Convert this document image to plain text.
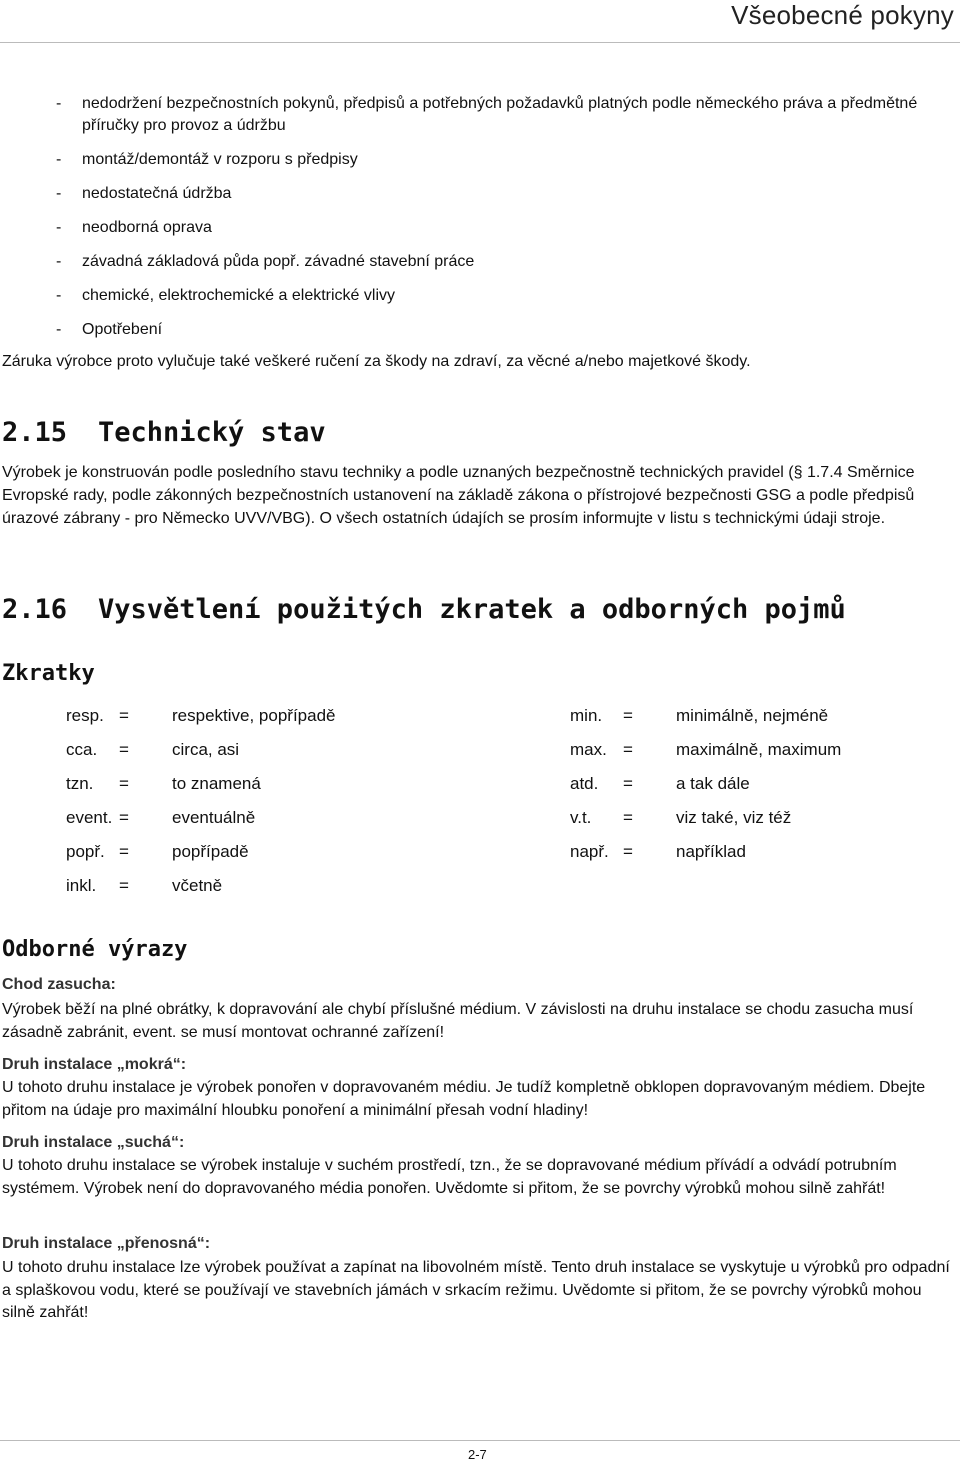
Všeobecné pokyny
- nedodržení bezpečnostních pokynů, předpisů a potřebných požadavků platných podle německého práva a předmětné příručky pro provoz a údržbu
- montáž/demontáž v rozporu s předpisy
- nedostatečná údržba
- neodborná oprava
- závadná základová půda popř. závadné stavební práce
- chemické, elektrochemické a elektrické vlivy
- Opotřebení
Záruka výrobce proto vylučuje také veškeré ručení za škody na zdraví, za věcné a/nebo majetkové škody.
2.15 Technický stav
Výrobek je konstruován podle posledního stavu techniky a podle uznaných bezpečnostně technických pravidel (§ 1.7.4 Směrnice Evropské rady, podle zákonných bezpečnostních ustanovení na základě zákona o přístrojové bezpečnosti GSG a podle předpisů úrazové zábrany - pro Německo UVV/VBG). O všech ostatních údajích se prosím informujte v listu s technickými údaji stroje.
2.16 Vysvětlení použitých zkratek a odborných pojmů
Zkratky
resp. =	respektive, popřípadě	min. =	minimálně, nejméně
cca. =	circa, asi	max. =	maximálně, maximum
tzn. =	to znamená	atd. =	a tak dále
event. =	eventuálně	v.t. =	viz také, viz též
popř. =	popřípadě	např. =	například
inkl. =	včetně
Odborné výrazy
Chod zasucha:
Výrobek běží na plné obrátky, k dopravování ale chybí příslušné médium. V závislosti na druhu instalace se chodu zasucha musí zásadně zabránit, event. se musí montovat ochranné zařízení!
Druh instalace „mokrá“:
U tohoto druhu instalace je výrobek ponořen v dopravovaném médiu. Je tudíž kompletně obklopen dopravovaným médiem. Dbejte přitom na údaje pro maximální hloubku ponoření a minimální přesah vodní hladiny!
Druh instalace „suchá“:
U tohoto druhu instalace se výrobek instaluje v suchém prostředí, tzn., že se dopravované médium přívádí a odvádí potrubním systémem. Výrobek není do dopravovaného média ponořen. Uvědomte si přitom, že se povrchy výrobků mohou silně zahřát!
Druh instalace „přenosná“:
U tohoto druhu instalace lze výrobek používat a zapínat na libovolném místě. Tento druh instalace se vyskytuje u výrobků pro odpadní a splaškovou vodu, které se používají ve stavebních jámách v srkacím režimu. Uvědomte si přitom, že se povrchy výrobků mohou silně zahřát!
2-7
